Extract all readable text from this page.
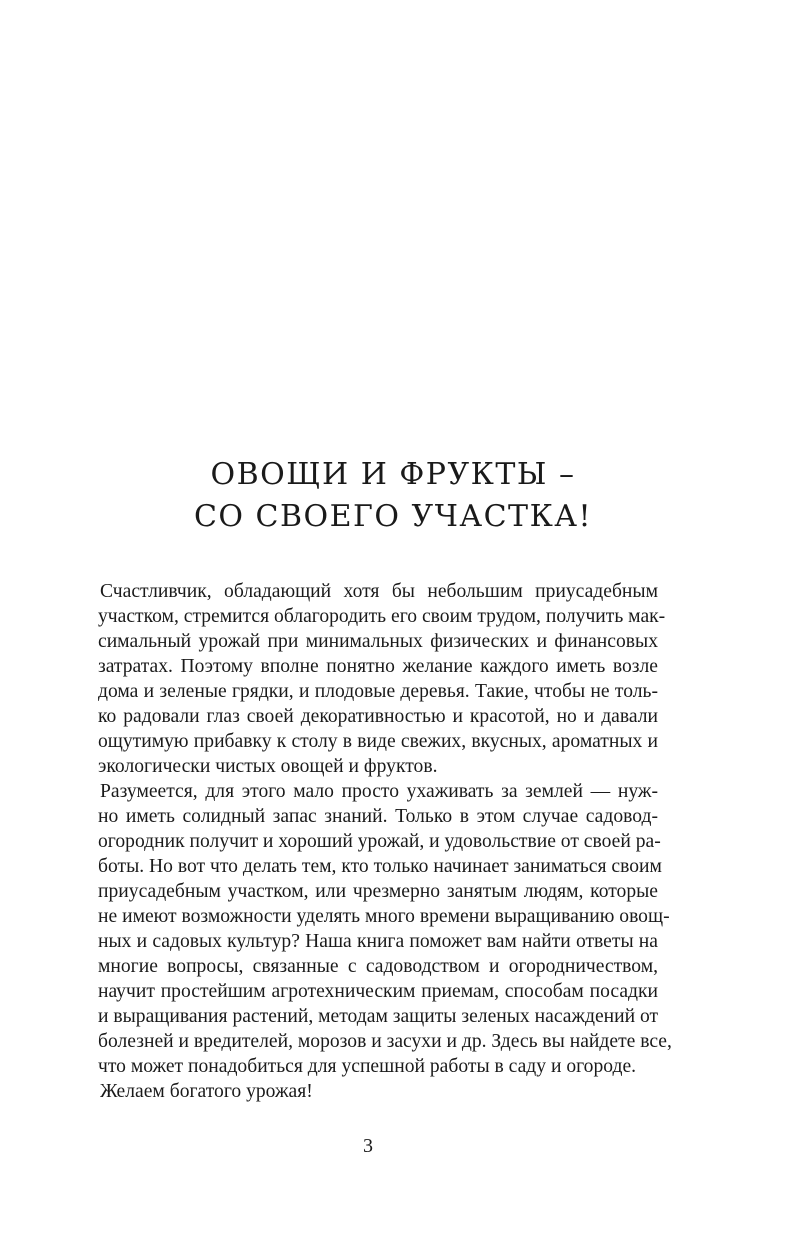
ОВОЩИ И ФРУКТЫ –
СО СВОЕГО УЧАСТКА!
Счастливчик, обладающий хотя бы небольшим приусадебным
участком, стремится облагородить его своим трудом, получить мак-
симальный урожай при минимальных физических и финансовых
затратах. Поэтому вполне понятно желание каждого иметь возле
дома и зеленые грядки, и плодовые деревья. Такие, чтобы не толь-
ко радовали глаз своей декоративностью и красотой, но и давали
ощутимую прибавку к столу в виде свежих, вкусных, ароматных и
экологически чистых овощей и фруктов.
Разумеется, для этого мало просто ухаживать за землей — нуж-
но иметь солидный запас знаний. Только в этом случае садовод-
огородник получит и хороший урожай, и удовольствие от своей ра-
боты. Но вот что делать тем, кто только начинает заниматься своим
приусадебным участком, или чрезмерно занятым людям, которые
не имеют возможности уделять много времени выращиванию овощ-
ных и садовых культур? Наша книга поможет вам найти ответы на
многие вопросы, связанные с садоводством и огородничеством,
научит простейшим агротехническим приемам, способам посадки
и выращивания растений, методам защиты зеленых насаждений от
болезней и вредителей, морозов и засухи и др. Здесь вы найдете все,
что может понадобиться для успешной работы в саду и огороде.
Желаем богатого урожая!
3
